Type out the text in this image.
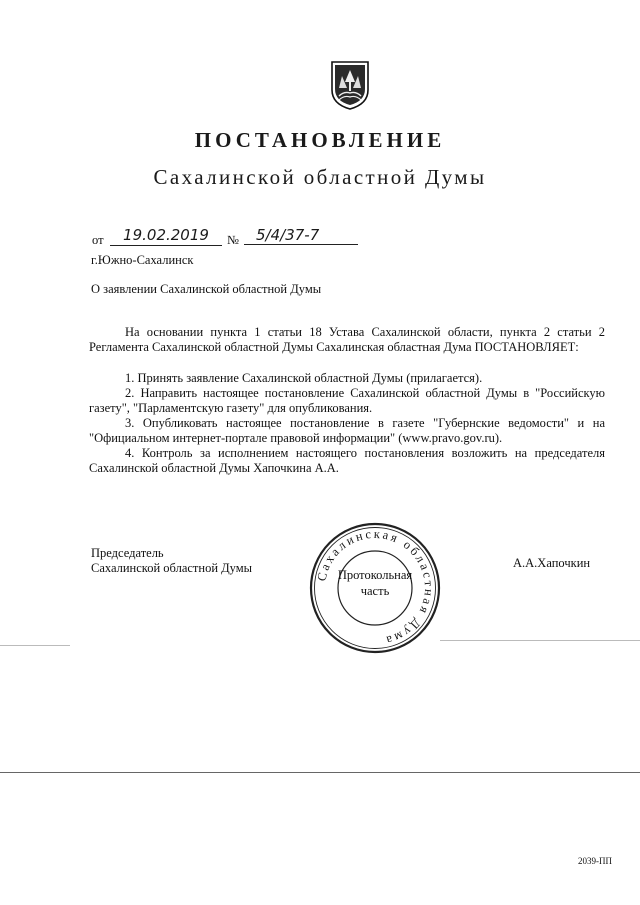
ПОСТАНОВЛЕНИЕ
Сахалинской областной Думы
от	19.02.2019	№	5/4/37-7
г.Южно-Сахалинск
О заявлении Сахалинской областной Думы
На основании пункта 1 статьи 18 Устава Сахалинской области, пункта 2 статьи 2 Регламента Сахалинской областной Думы Сахалинская областная Дума ПОСТАНОВЛЯЕТ:
1. Принять заявление Сахалинской областной Думы (прилагается).
2. Направить настоящее постановление Сахалинской областной Думы в "Российскую газету", "Парламентскую газету" для опубликования.
3. Опубликовать настоящее постановление в газете "Губернские ведомости" и на "Официальном интернет-портале правовой информации" (www.pravo.gov.ru).
4. Контроль за исполнением настоящего постановления возложить на председателя Сахалинской областной Думы Хапочкина А.А.
Председатель
Сахалинской областной Думы	А.А.Хапочкин
Сахалинская областная Дума
Протокольная
часть
2039-ПП
